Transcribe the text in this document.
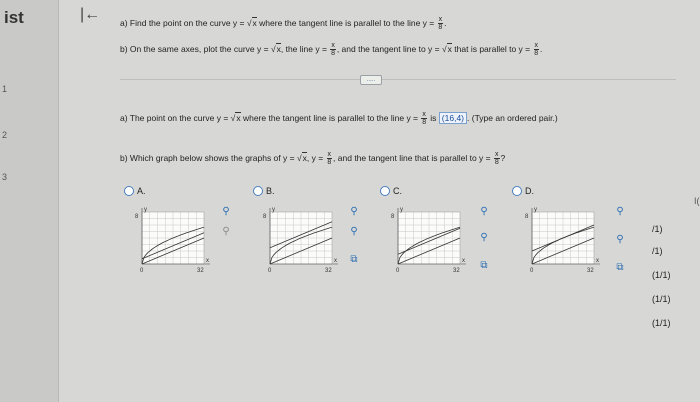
ist
1
2
3
|← a) Find the point on the curve y = √x where the tangent line is parallel to the line $y = \frac{x}{8}$ .
b) On the same axes, plot the curve y = √x, the line $y = \frac{x}{8}$ , and the tangent line to y = √x that is parallel to $y = \frac{x}{8}$ .
.....
a) The point on the curve y = √x where the tangent line is parallel to the line $y = \frac{x}{8}$ is (16,4) . (Type an ordered pair.)
b) Which graph below shows the graphs of y = √x, $y = \frac{x}{8}$ , and the tangent line that is parallel to $y = \frac{x}{8}$ ?
A.	B.	C.	D.
8
y
0	32
x
8
y
0	32
x
8
y
0	32
x
8
y
0	32
x
⚲
⚲
⚲
⚲
⧉
⚲
⚲
⧉
⚲
⚲
⧉
/1)
/1)
(1/1)
(1/1)
(1/1)
I(
